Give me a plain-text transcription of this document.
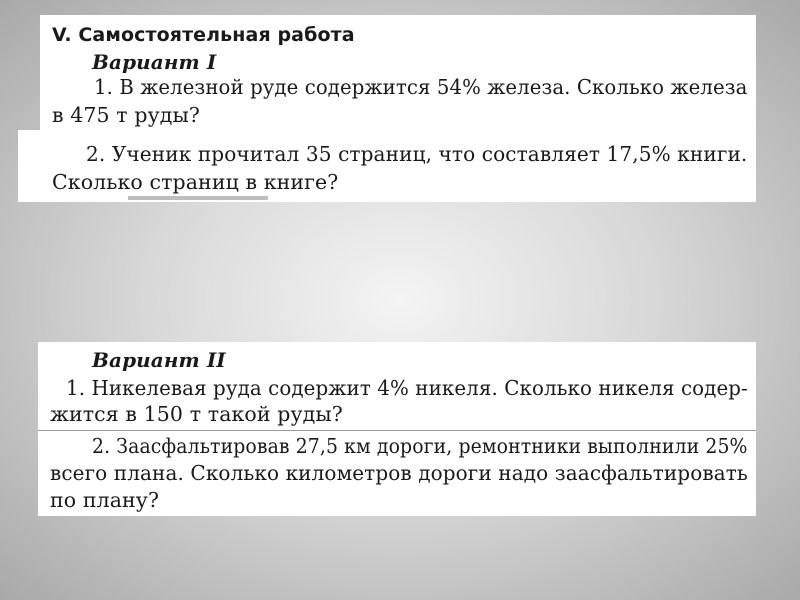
V. Самостоятельная работа
Вариант I
1. В железной руде содержится 54% железа. Сколько железа
в 475 т руды?
2. Ученик прочитал 35 страниц, что составляет 17,5% книги.
Сколько страниц в книге?
Вариант II
1. Никелевая руда содержит 4% никеля. Сколько никеля содер-
жится в 150 т такой руды?
2. Заасфальтировав 27,5 км дороги, ремонтники выполнили 25%
всего плана. Сколько километров дороги надо заасфальтировать
по плану?
